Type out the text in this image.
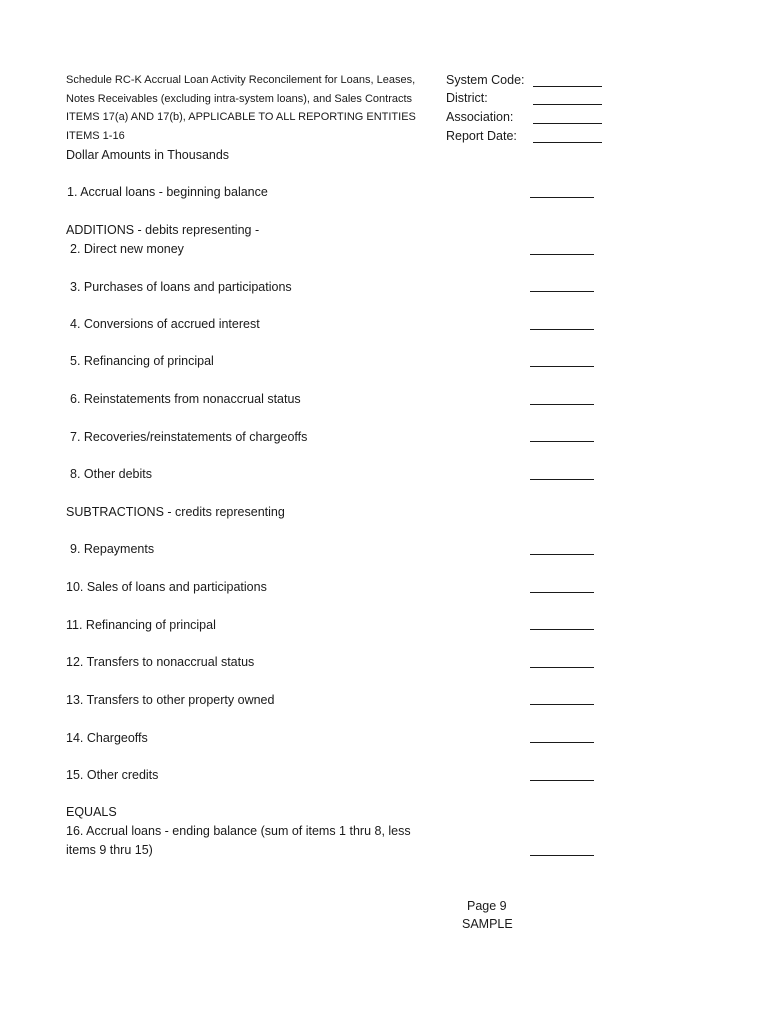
Schedule RC-K Accrual Loan Activity Reconcilement for Loans, Leases,
Notes Receivables (excluding intra-system loans), and Sales Contracts
ITEMS 17(a) AND 17(b), APPLICABLE TO ALL REPORTING ENTITIES
ITEMS 1-16
Dollar Amounts in Thousands
System Code:
District:
Association:
Report Date:
1. Accrual loans - beginning balance
ADDITIONS - debits representing -
2. Direct new money
3. Purchases of loans and participations
4. Conversions of accrued interest
5. Refinancing of principal
6. Reinstatements from nonaccrual status
7. Recoveries/reinstatements of chargeoffs
8. Other debits
SUBTRACTIONS - credits representing
9. Repayments
10. Sales of loans and participations
11. Refinancing of principal
12. Transfers to nonaccrual status
13. Transfers to other property owned
14. Chargeoffs
15. Other credits
EQUALS
16. Accrual loans - ending balance (sum of items 1 thru 8, less
items 9 thru 15)
Page 9
SAMPLE
